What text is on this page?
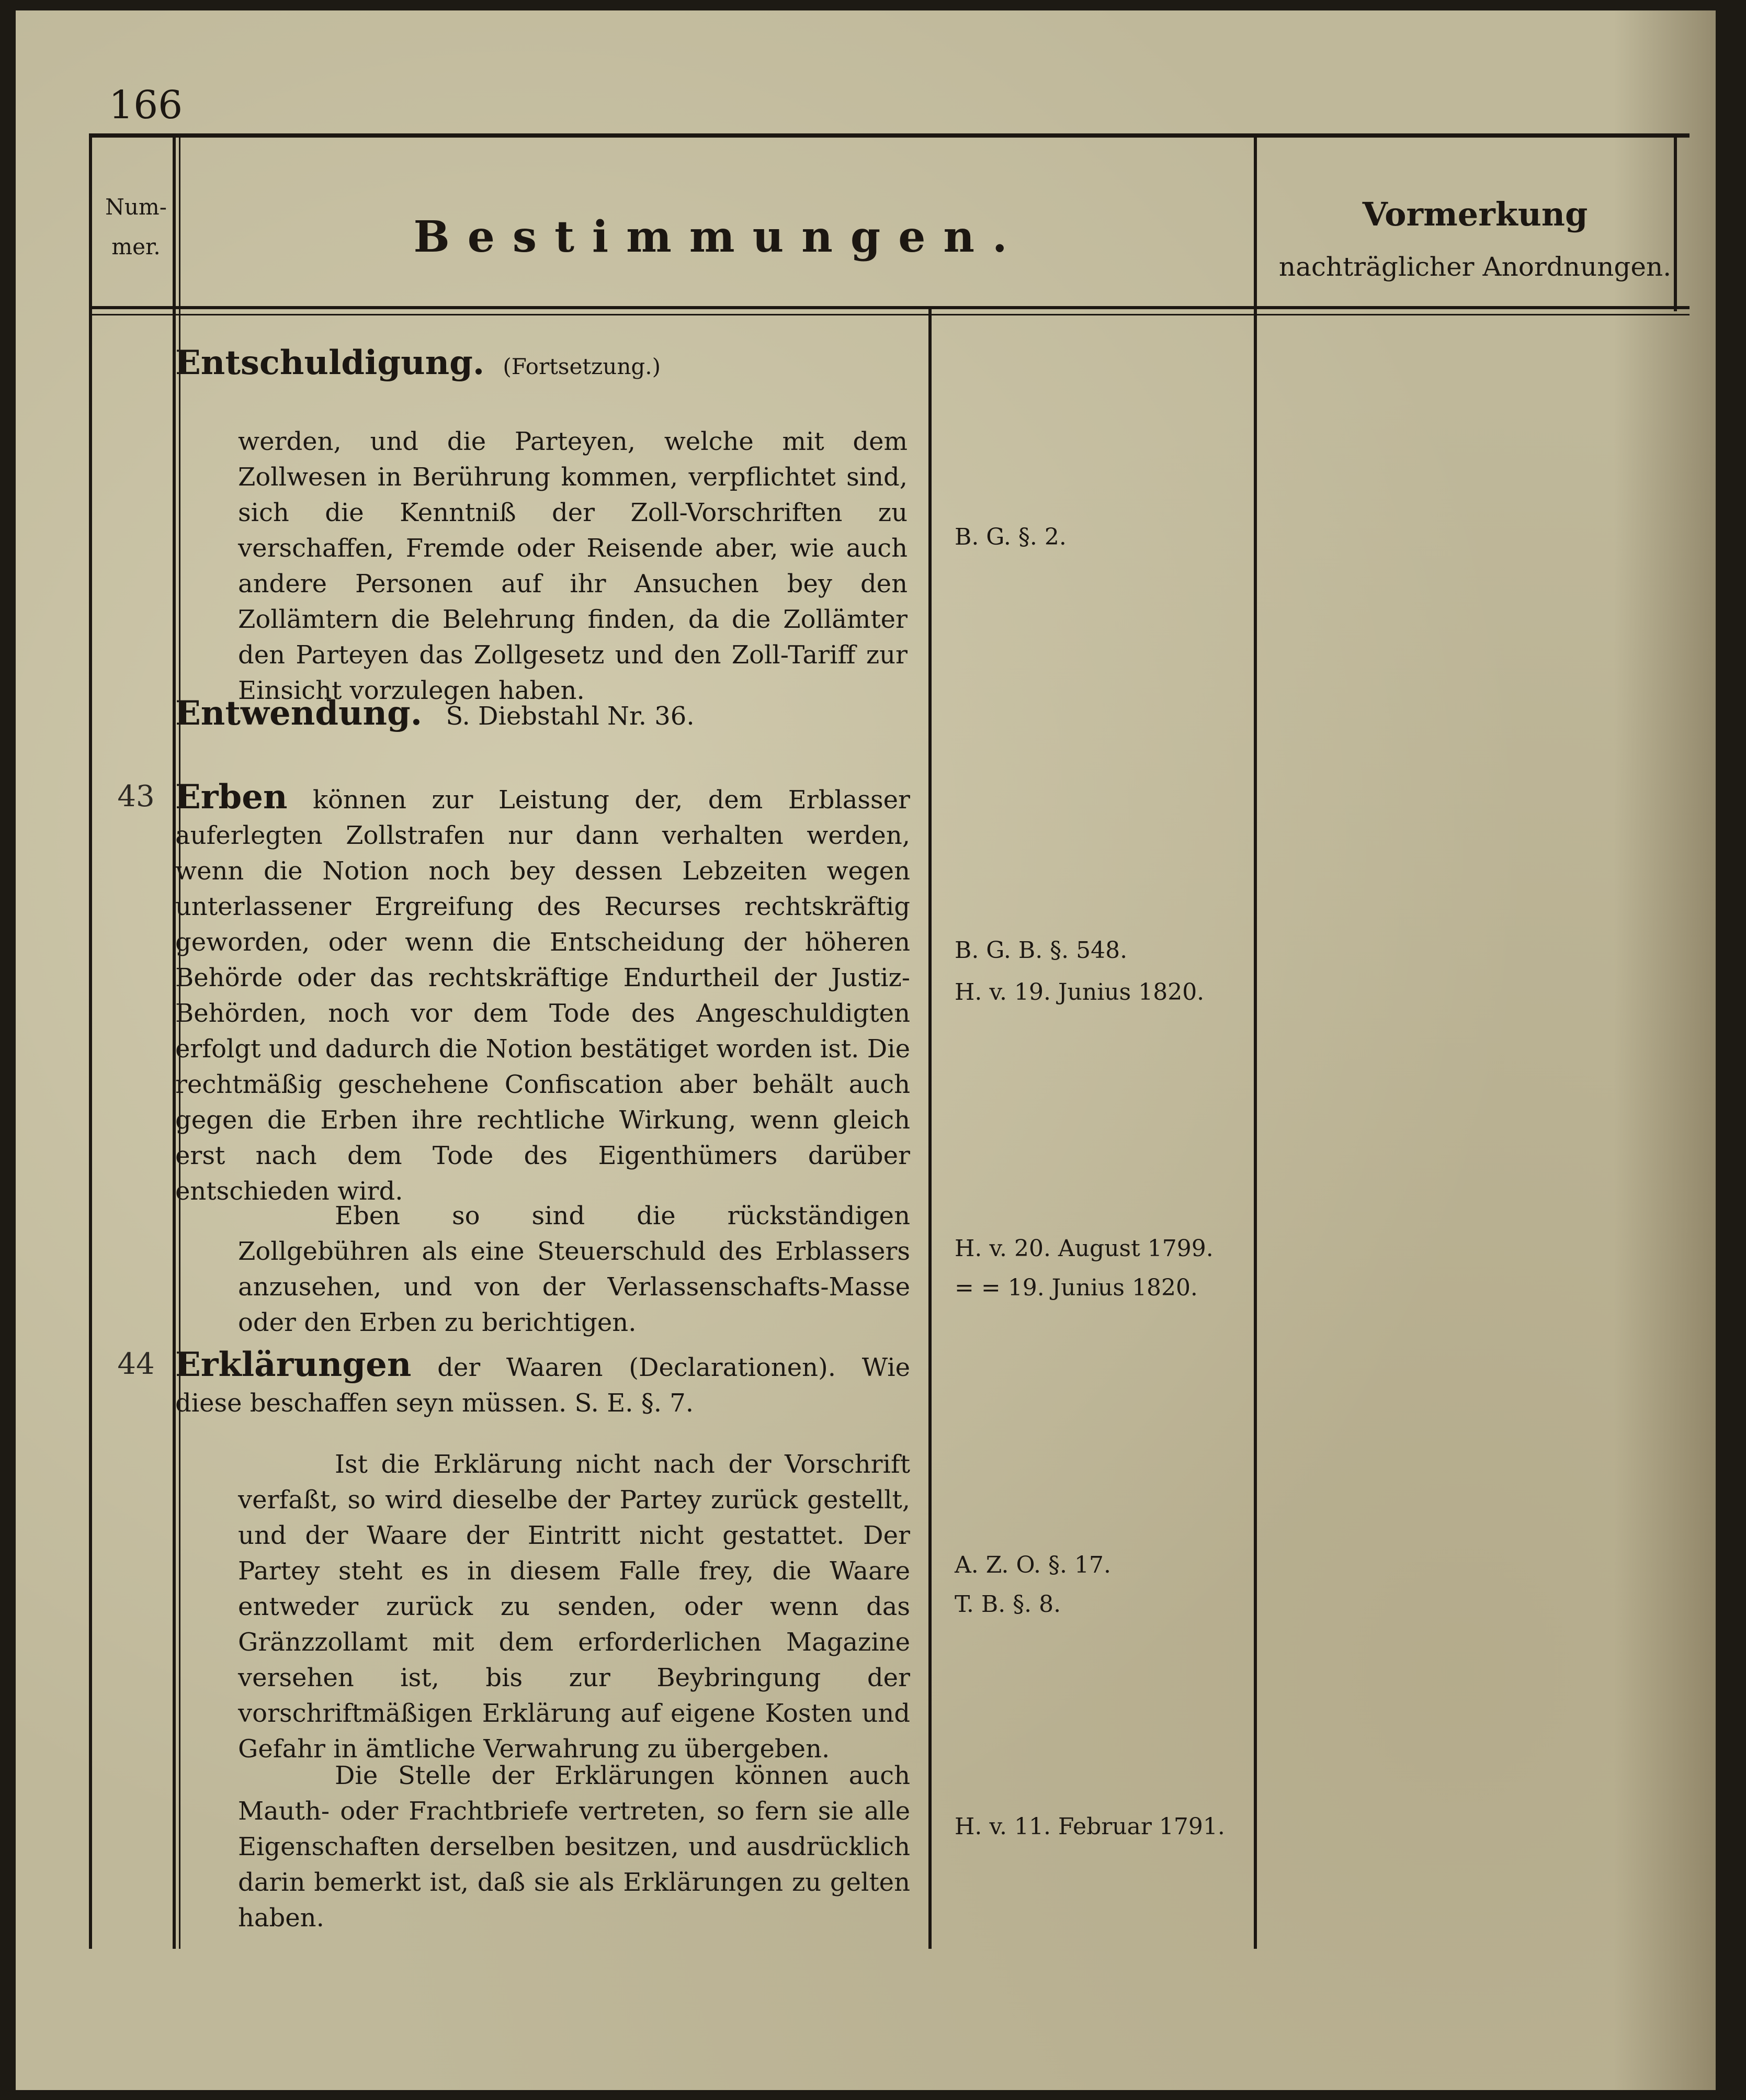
166
Num- mer.	Bestimmungen.	Vormerkung
nachträglicher Anordnungen.
Entschuldigung. (Fortsetzung.)
werden, und die Parteyen, welche mit dem Zollwesen in Berührung kommen, verpflichtet sind, sich die Kenntniß der Zoll-Vorschriften zu verschaffen, Fremde oder Reisende aber, wie auch andere Personen auf ihr Ansuchen bey den Zollämtern die Belehrung finden, da die Zollämter den Parteyen das Zollgesetz und den Zoll-Tariff zur Einsicht vorzulegen haben.
Entwendung. S. Diebstahl Nr. 36.
43 Erben können zur Leistung der, dem Erblasser auferlegten Zollstrafen nur dann verhalten werden, wenn die Notion noch bey dessen Lebzeiten wegen unterlassener Ergreifung des Recurses rechtskräftig geworden, oder wenn die Entscheidung der höheren Behörde oder das rechtskräftige Endurtheil der Justiz-Behörden, noch vor dem Tode des Angeschuldigten erfolgt und dadurch die Notion bestätiget worden ist. Die rechtmäßig geschehene Confiscation aber behält auch gegen die Erben ihre rechtliche Wirkung, wenn gleich erst nach dem Tode des Eigenthümers darüber entschieden wird.
Eben so sind die rückständigen Zollgebühren als eine Steuerschuld des Erblassers anzusehen, und von der Verlassenschafts-Masse oder den Erben zu berichtigen.
44 Erklärungen der Waaren (Declarationen). Wie diese beschaffen seyn müssen. S. E. §. 7.
Ist die Erklärung nicht nach der Vorschrift verfaßt, so wird dieselbe der Partey zurück gestellt, und der Waare der Eintritt nicht gestattet. Der Partey steht es in diesem Falle frey, die Waare entweder zurück zu senden, oder wenn das Gränzzollamt mit dem erforderlichen Magazine versehen ist, bis zur Beybringung der vorschriftmäßigen Erklärung auf eigene Kosten und Gefahr in ämtliche Verwahrung zu übergeben.
Die Stelle der Erklärungen können auch Mauth- oder Frachtbriefe vertreten, so fern sie alle Eigenschaften derselben besitzen, und ausdrücklich darin bemerkt ist, daß sie als Erklärungen zu gelten haben.
B. G. §. 2.
B. G. B. §. 548.
H. v. 19. Junius 1820.
H. v. 20. August 1799.
= = 19. Junius 1820.
A. Z. O. §. 17.
T. B. §. 8.
H. v. 11. Februar 1791.
